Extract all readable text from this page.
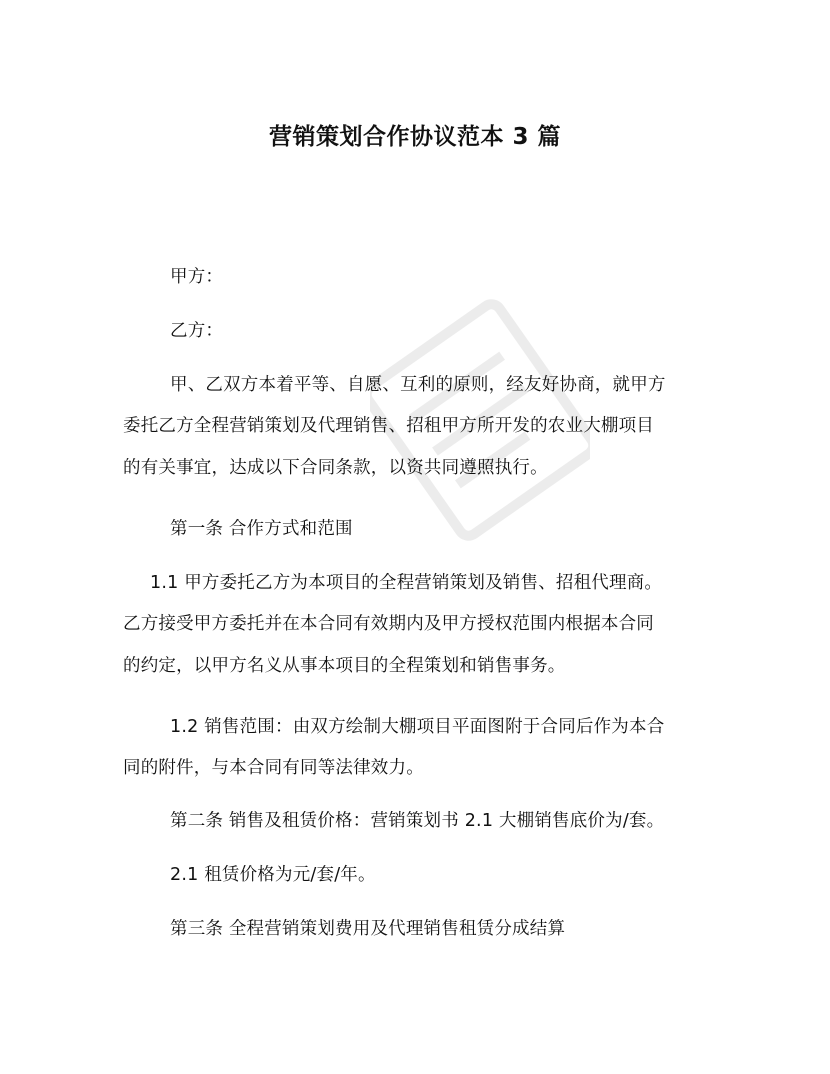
营销策划合作协议范本 3 篇
甲方：
乙方：
甲、乙双方本着平等、自愿、互利的原则，经友好协商，就甲方
委托乙方全程营销策划及代理销售、招租甲方所开发的农业大棚项目
的有关事宜，达成以下合同条款，以资共同遵照执行。
第一条 合作方式和范围
1.1 甲方委托乙方为本项目的全程营销策划及销售、招租代理商。
乙方接受甲方委托并在本合同有效期内及甲方授权范围内根据本合同
的约定，以甲方名义从事本项目的全程策划和销售事务。
1.2 销售范围：由双方绘制大棚项目平面图附于合同后作为本合
同的附件，与本合同有同等法律效力。
第二条 销售及租赁价格：营销策划书 2.1 大棚销售底价为/套。
2.1 租赁价格为元/套/年。
第三条 全程营销策划费用及代理销售租赁分成结算
